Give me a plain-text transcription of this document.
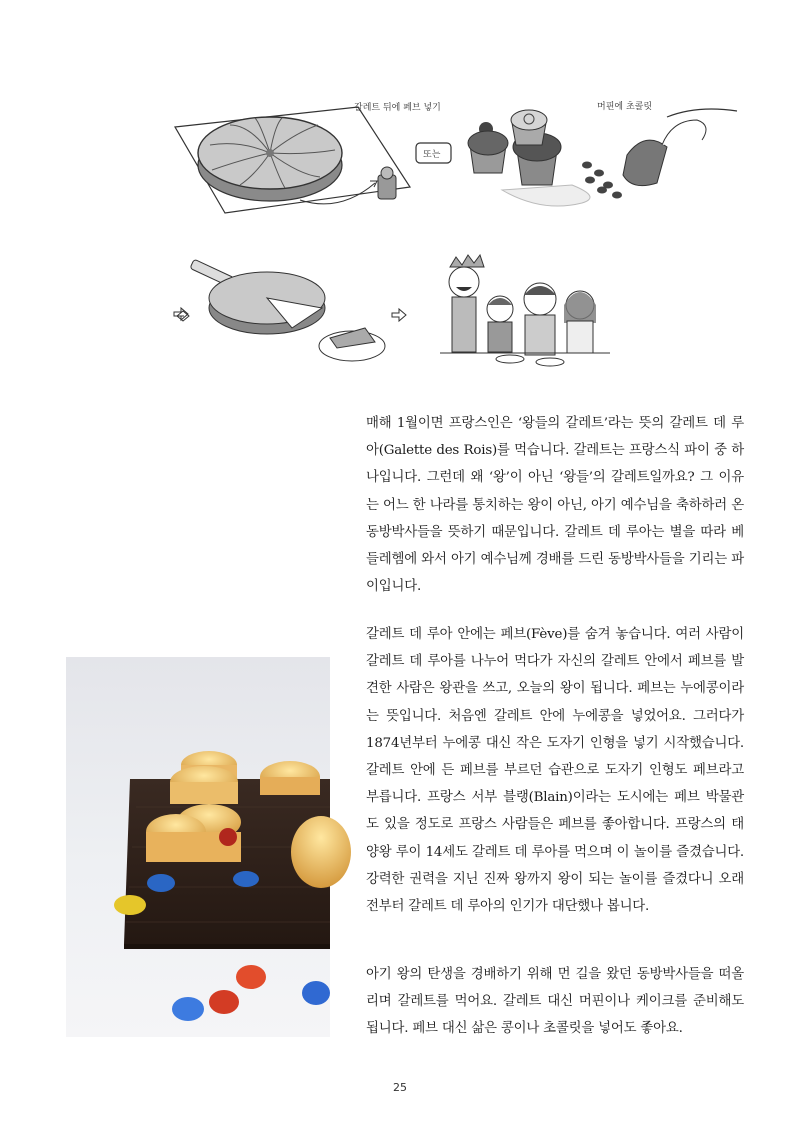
갈레트 뒤에 페브 넣기
또는
머핀에 초콜릿

매해 1월이면 프랑스인은 ‘왕들의 갈레트’라는 뜻의 갈레트 데 루아(Galette des Rois)를 먹습니다. 갈레트는 프랑스식 파이 중 하나입니다. 그런데 왜 ‘왕’이 아닌 ‘왕들’의 갈레트일까요? 그 이유는 어느 한 나라를 통치하는 왕이 아닌, 아기 예수님을 축하하러 온 동방박사들을 뜻하기 때문입니다. 갈레트 데 루아는 별을 따라 베들레헴에 와서 아기 예수님께 경배를 드린 동방박사들을 기리는 파이입니다.

갈레트 데 루아 안에는 페브(Fève)를 숨겨 놓습니다. 여러 사람이 갈레트 데 루아를 나누어 먹다가 자신의 갈레트 안에서 페브를 발견한 사람은 왕관을 쓰고, 오늘의 왕이 됩니다. 페브는 누에콩이라는 뜻입니다. 처음엔 갈레트 안에 누에콩을 넣었어요. 그러다가 1874년부터 누에콩 대신 작은 도자기 인형을 넣기 시작했습니다. 갈레트 안에 든 페브를 부르던 습관으로 도자기 인형도 페브라고 부릅니다. 프랑스 서부 블랭(Blain)이라는 도시에는 페브 박물관도 있을 정도로 프랑스 사람들은 페브를 좋아합니다. 프랑스의 태양왕 루이 14세도 갈레트 데 루아를 먹으며 이 놀이를 즐겼습니다. 강력한 권력을 지닌 진짜 왕까지 왕이 되는 놀이를 즐겼다니 오래전부터 갈레트 데 루아의 인기가 대단했나 봅니다.

아기 왕의 탄생을 경배하기 위해 먼 길을 왔던 동방박사들을 떠올리며 갈레트를 먹어요. 갈레트 대신 머핀이나 케이크를 준비해도 됩니다. 페브 대신 삶은 콩이나 초콜릿을 넣어도 좋아요.

25
